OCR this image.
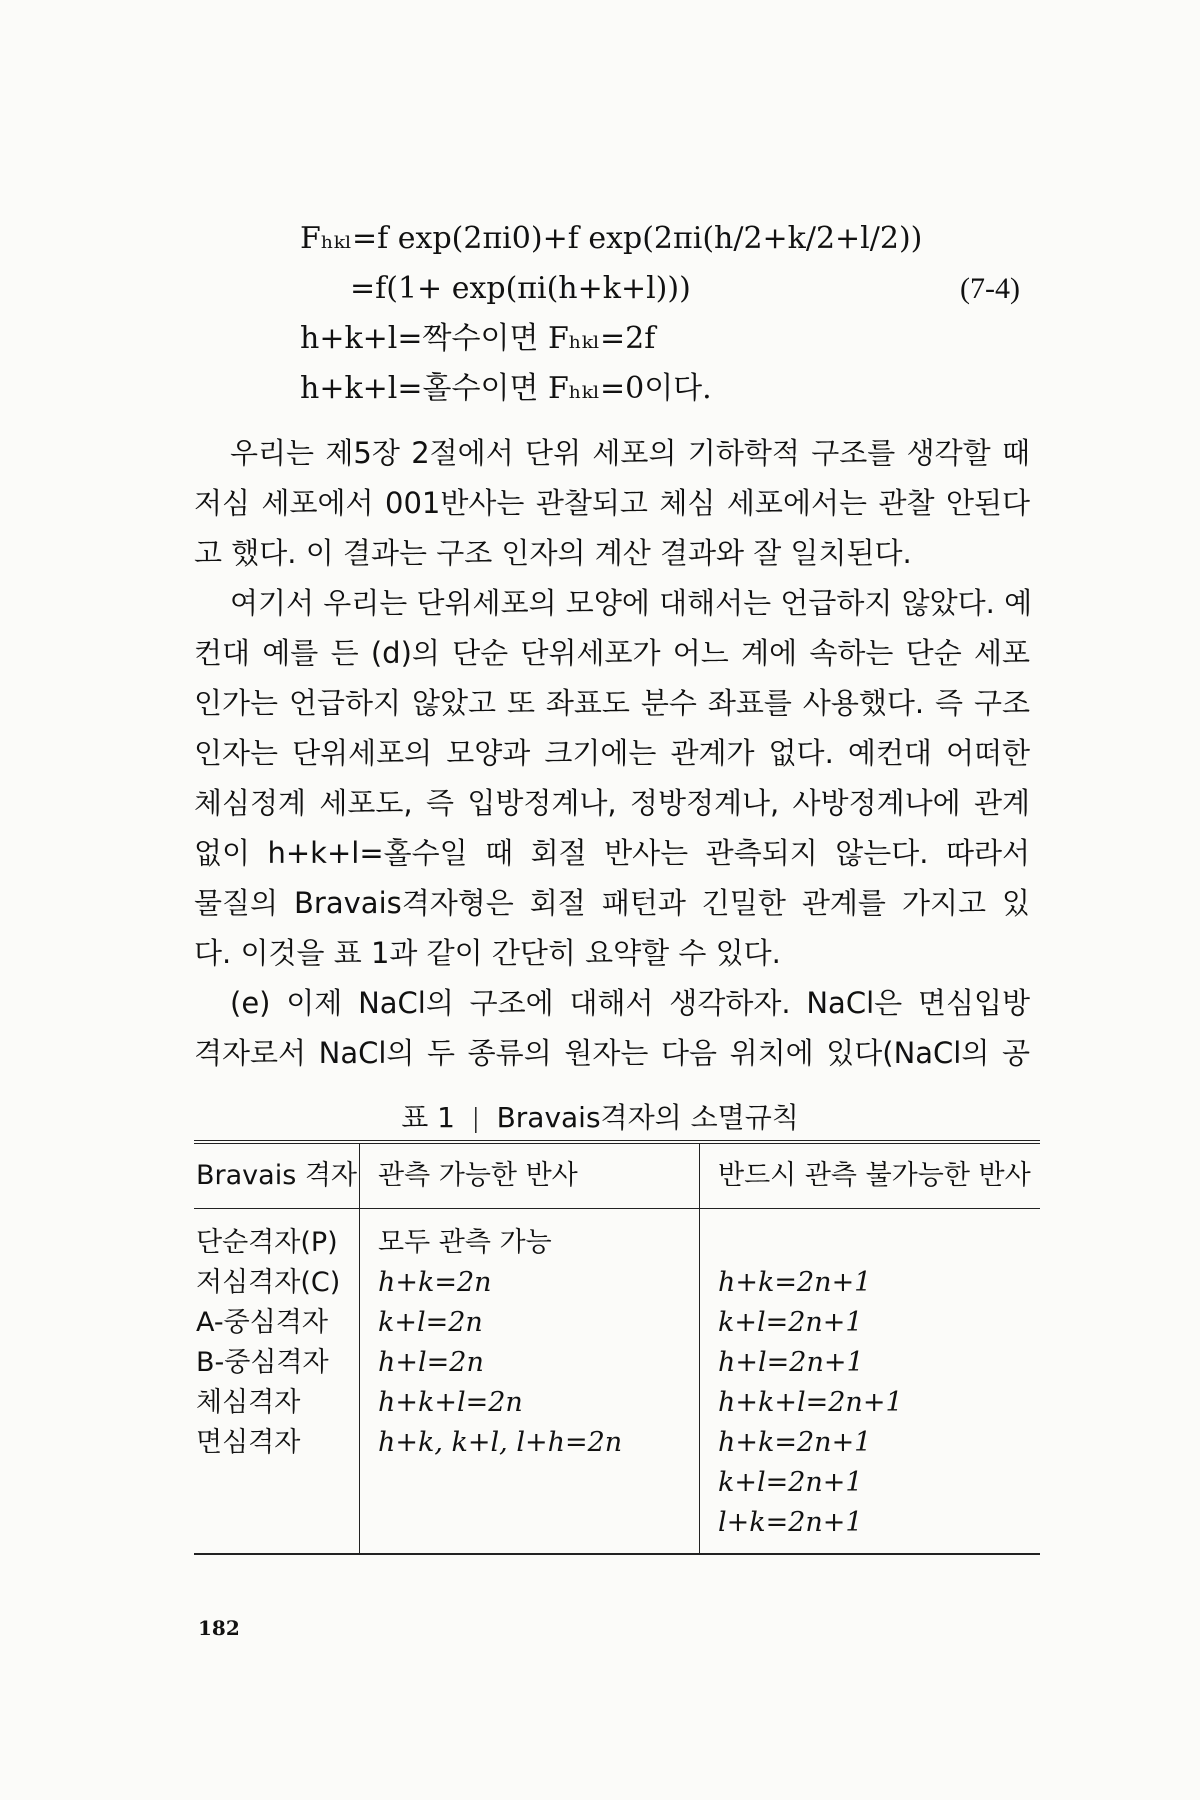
Fₕₖₗ=f exp(2πi0)+f exp(2πi(h/2+k/2+l/2))
=f(1+ exp(πi(h+k+l)))	(7-4)
h+k+l=짝수이면 Fₕₖₗ=2f
h+k+l=홀수이면 Fₕₖₗ=0이다.
우리는 제5장 2절에서 단위 세포의 기하학적 구조를 생각할 때
저심 세포에서 001반사는 관찰되고 체심 세포에서는 관찰 안된다
고 했다. 이 결과는 구조 인자의 계산 결과와 잘 일치된다.
여기서 우리는 단위세포의 모양에 대해서는 언급하지 않았다. 예
컨대 예를 든 (d)의 단순 단위세포가 어느 계에 속하는 단순 세포
인가는 언급하지 않았고 또 좌표도 분수 좌표를 사용했다. 즉 구조
인자는 단위세포의 모양과 크기에는 관계가 없다. 예컨대 어떠한
체심정계 세포도, 즉 입방정계나, 정방정계나, 사방정계나에 관계
없이 h+k+l=홀수일 때 회절 반사는 관측되지 않는다. 따라서
물질의 Bravais격자형은 회절 패턴과 긴밀한 관계를 가지고 있
다. 이것을 표 1과 같이 간단히 요약할 수 있다.
(e) 이제 NaCl의 구조에 대해서 생각하자. NaCl은 면심입방
격자로서 NaCl의 두 종류의 원자는 다음 위치에 있다(NaCl의 공
표 1 | Bravais격자의 소멸규칙
Bravais 격자 관측 가능한 반사	반드시 관측 불가능한 반사
단순격자(P)
저심격자(C)
A-중심격자
B-중심격자
체심격자
면심격자
모두 관측 가능
h+k=2n
k+l=2n
h+l=2n
h+k+l=2n
h+k, k+l, l+h=2n
h+k=2n+1
k+l=2n+1
h+l=2n+1
h+k+l=2n+1
h+k=2n+1
k+l=2n+1
l+k=2n+1
182
